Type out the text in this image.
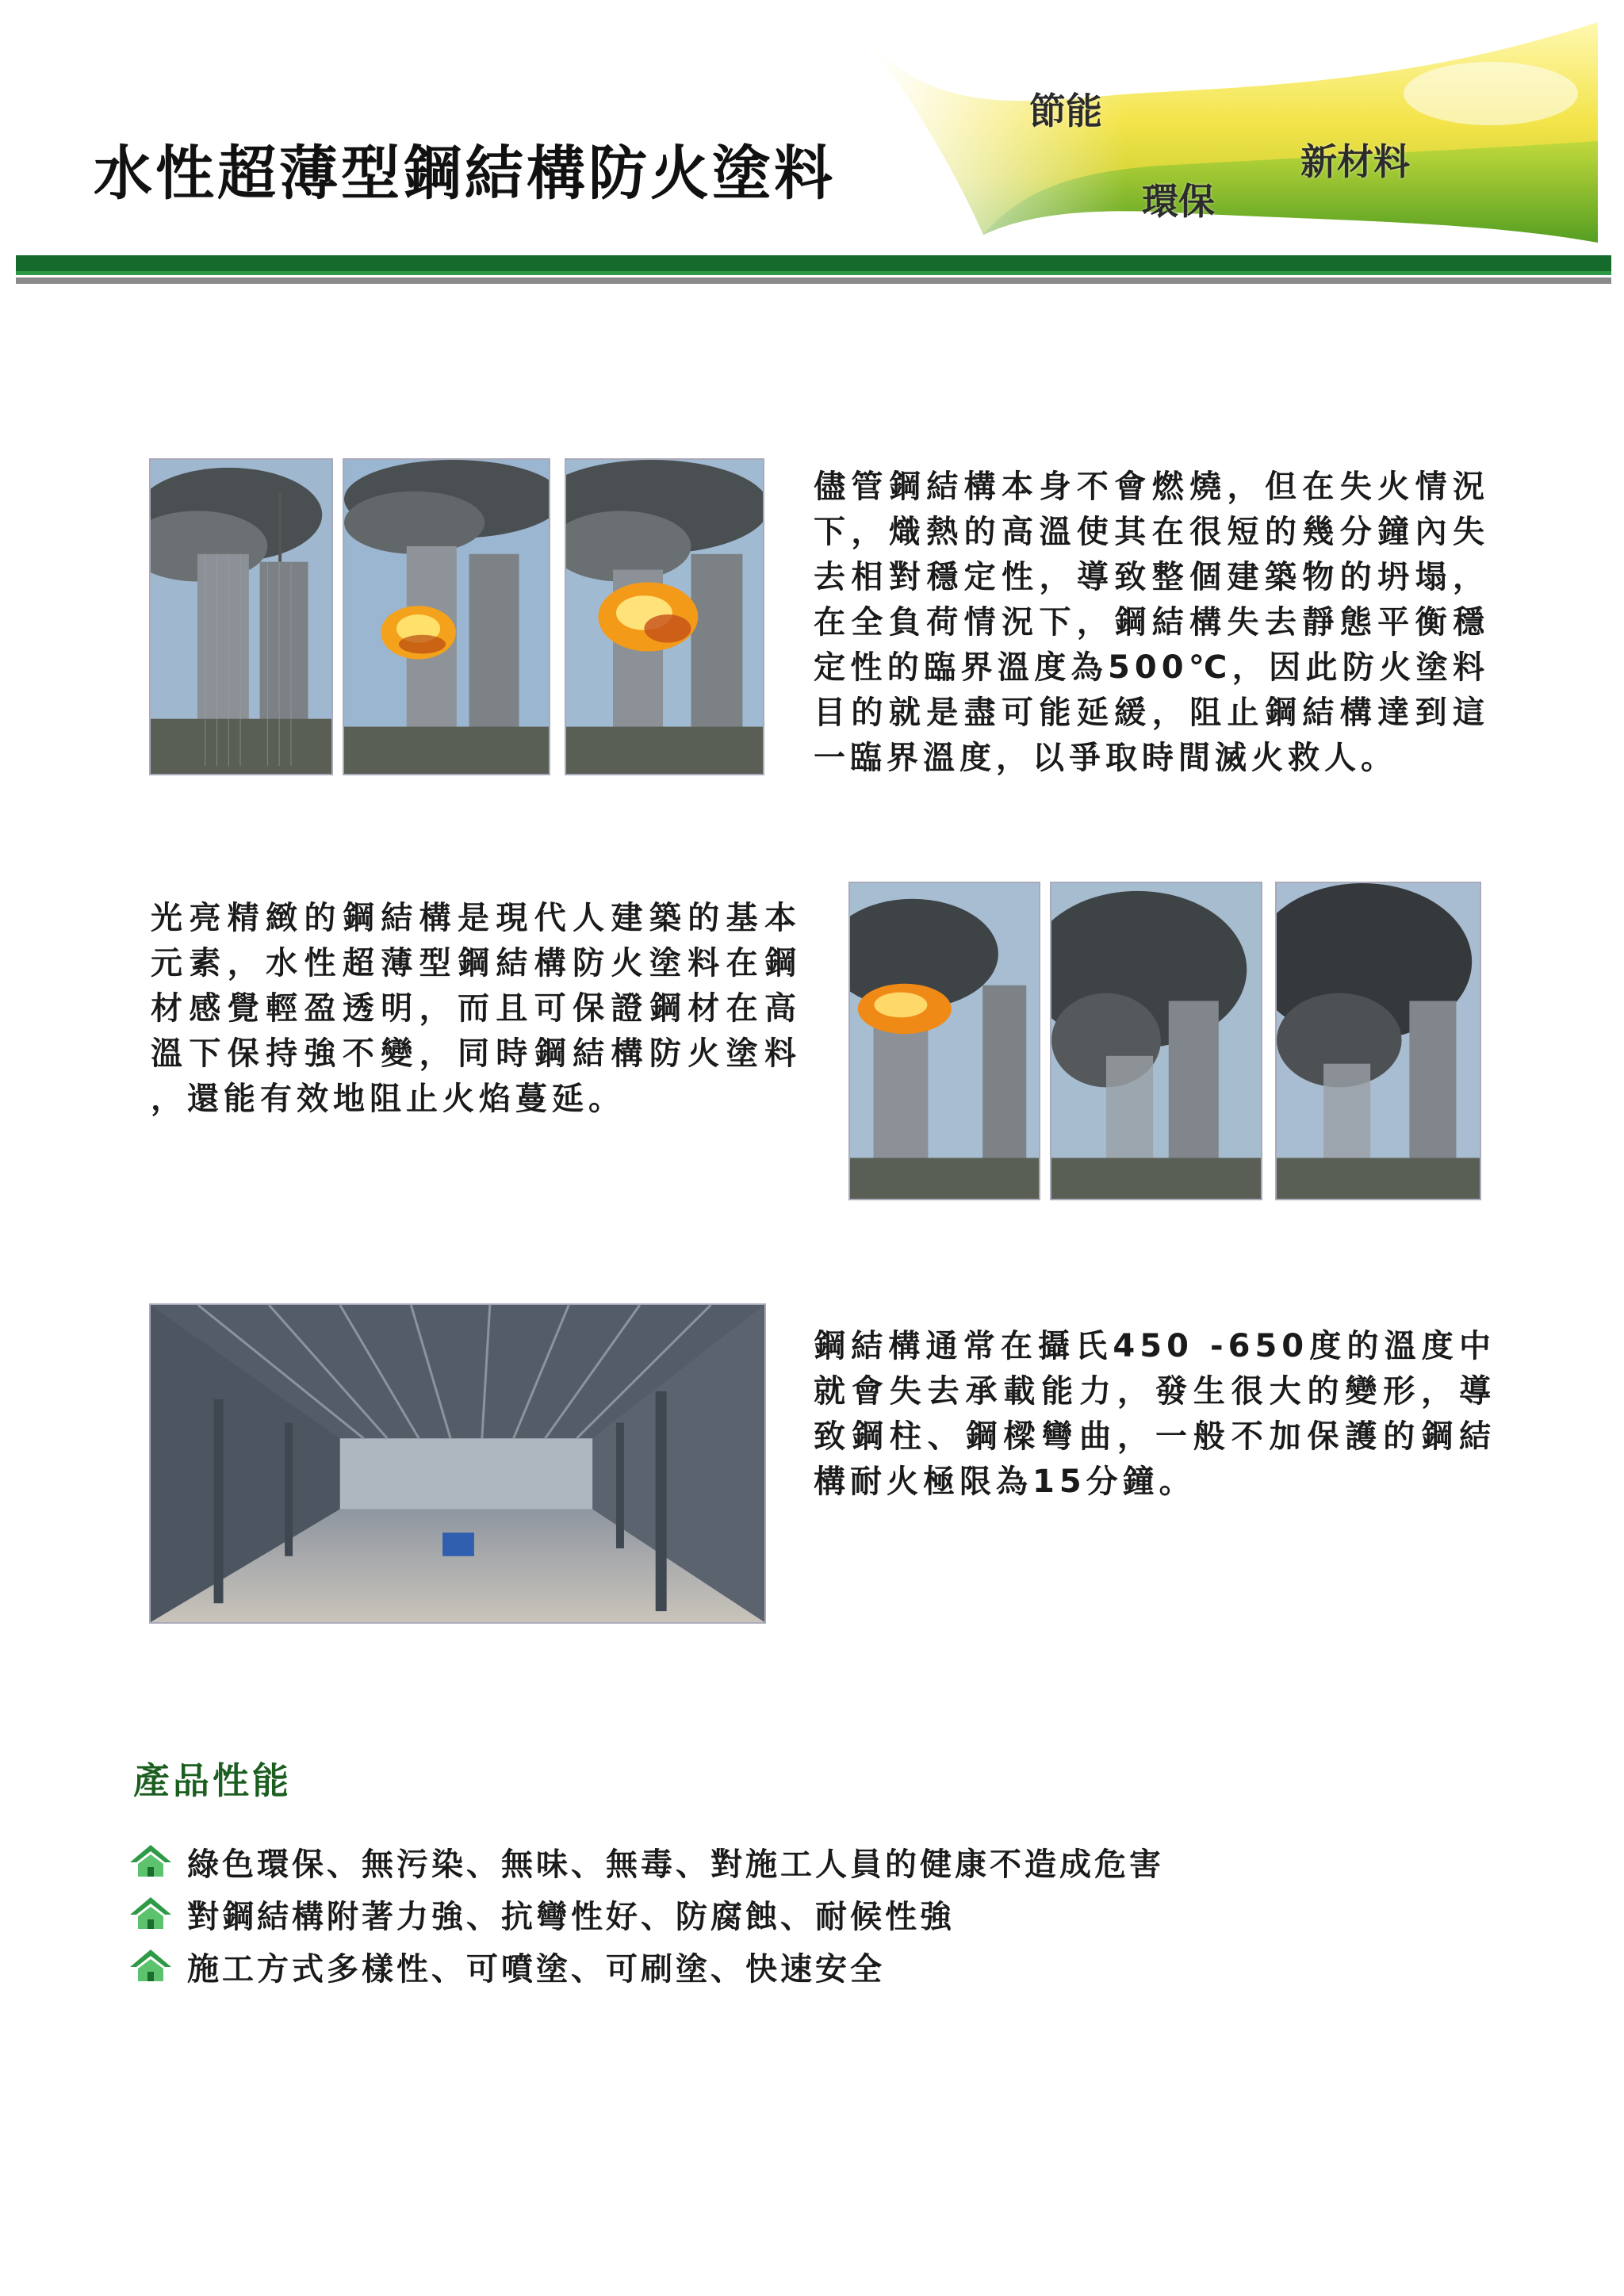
水性超薄型鋼結構防火塗料
節能
新材料
環保

儘管鋼結構本身不會燃燒，但在失火情況下，熾熱的高溫使其在很短的幾分鐘內失去相對穩定性，導致整個建築物的坍塌，在全負荷情況下，鋼結構失去靜態平衡穩定性的臨界溫度為500℃，因此防火塗料目的就是盡可能延緩，阻止鋼結構達到這一臨界溫度，以爭取時間滅火救人。

光亮精緻的鋼結構是現代人建築的基本元素，水性超薄型鋼結構防火塗料在鋼材感覺輕盈透明，而且可保證鋼材在高溫下保持強不變，同時鋼結構防火塗料，還能有效地阻止火焰蔓延。

鋼結構通常在攝氏450 -650度的溫度中就會失去承載能力，發生很大的變形，導致鋼柱、鋼樑彎曲，一般不加保護的鋼結構耐火極限為15分鐘。

產品性能
綠色環保、無污染、無味、無毒、對施工人員的健康不造成危害
對鋼結構附著力強、抗彎性好、防腐蝕、耐候性強
施工方式多樣性、可噴塗、可刷塗、快速安全
